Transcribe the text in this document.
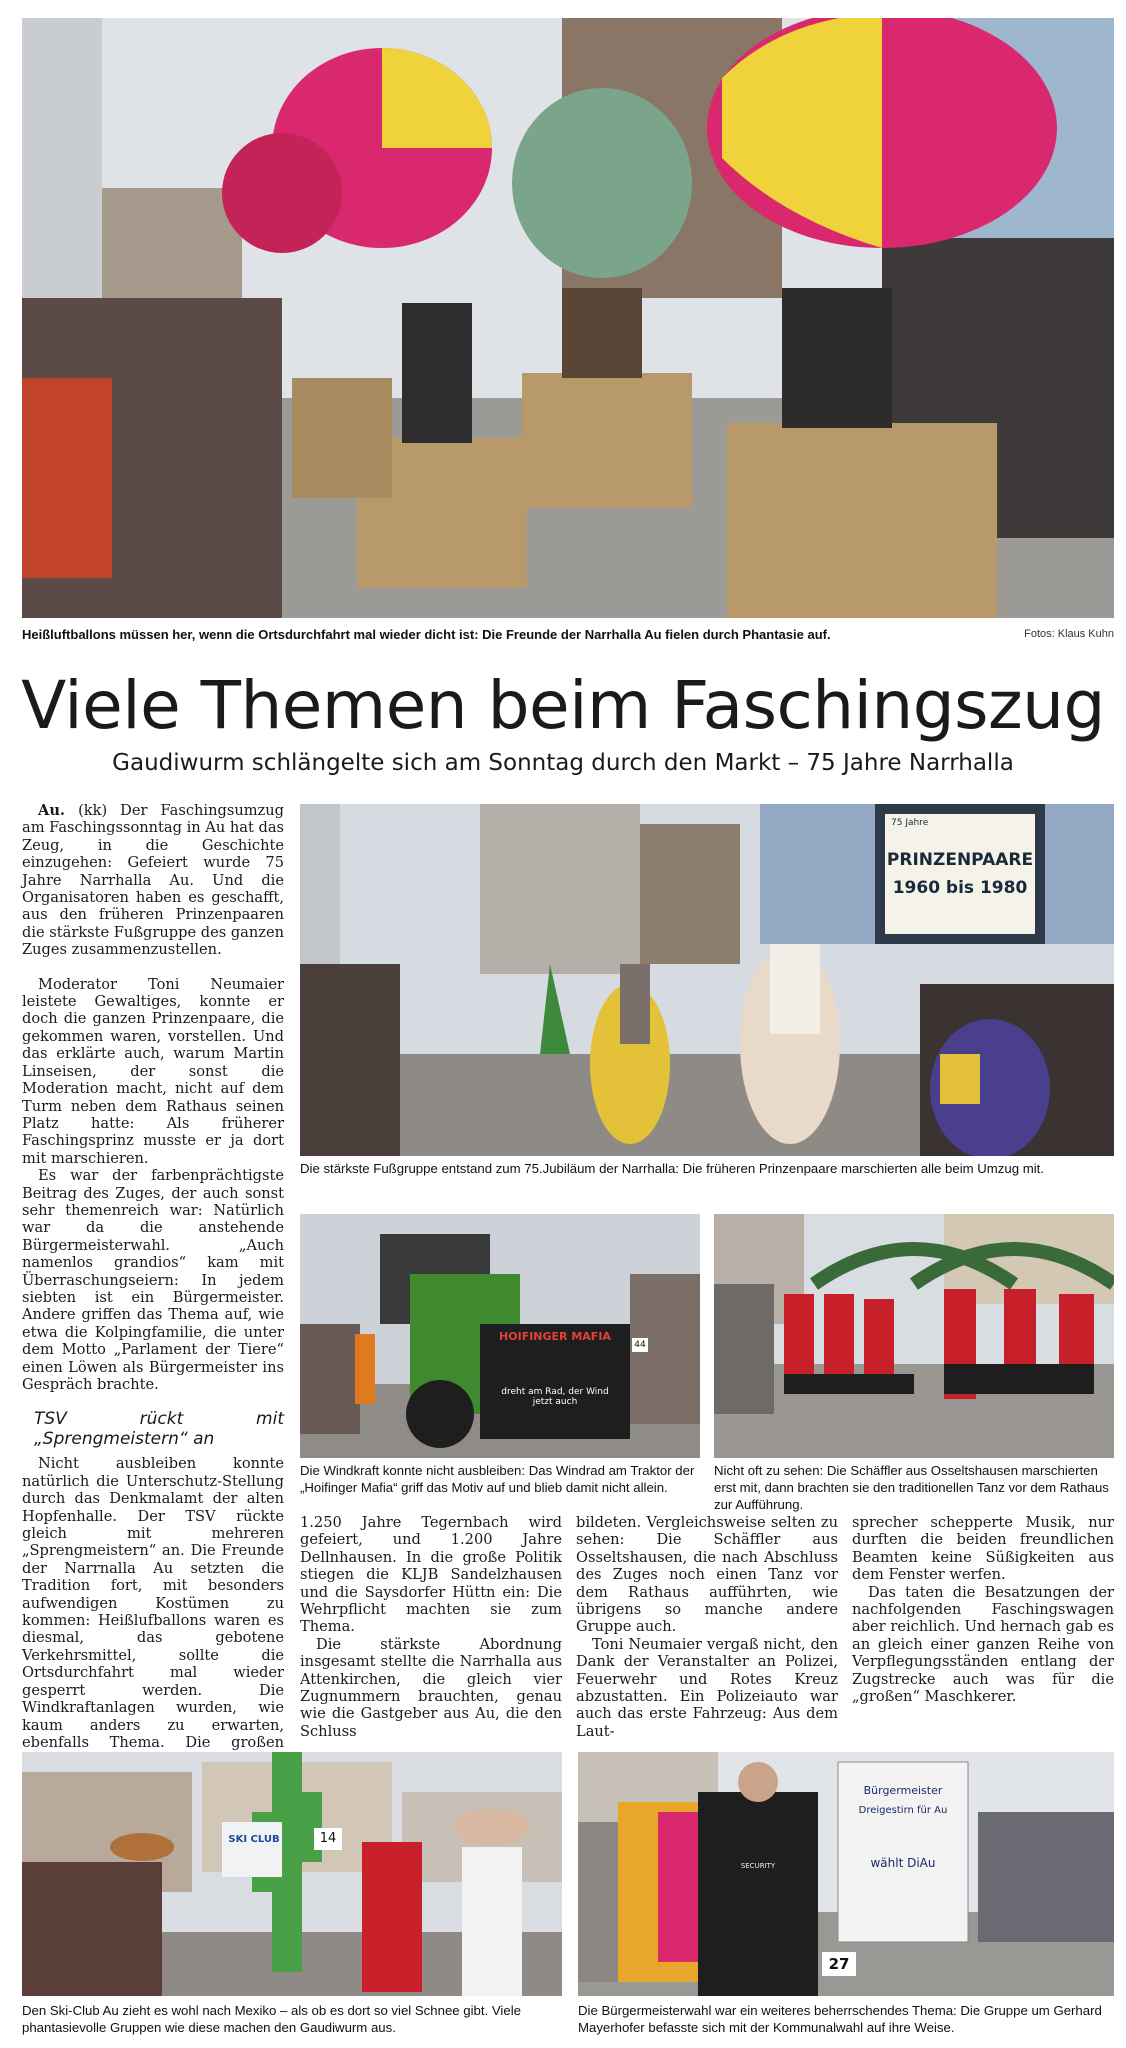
Heißluftballons müssen her, wenn die Ortsdurchfahrt mal wieder dicht ist: Die Freunde der Narrhalla Au fielen durch Phantasie auf.	Fotos: Klaus Kuhn
Viele Themen beim Faschingszug
Gaudiwurm schlängelte sich am Sonntag durch den Markt – 75 Jahre Narrhalla

Au. (kk) Der Faschingsumzug am Faschingssonntag in Au hat das Zeug, in die Geschichte einzugehen: Gefeiert wurde 75 Jahre Narrhalla Au. Und die Organisatoren haben es geschafft, aus den früheren Prinzenpaaren die stärkste Fußgruppe des ganzen Zuges zusammenzustellen.

Moderator Toni Neumaier leistete Gewaltiges, konnte er doch die ganzen Prinzenpaare, die gekommen waren, vorstellen. Und das erklärte auch, warum Martin Linseisen, der sonst die Moderation macht, nicht auf dem Turm neben dem Rathaus seinen Platz hatte: Als früherer Faschingsprinz musste er ja dort mit marschieren.

Es war der farbenprächtigste Beitrag des Zuges, der auch sonst sehr themenreich war: Natürlich war da die anstehende Bürgermeisterwahl. „Auch namenlos grandios“ kam mit Überraschungseiern: In jedem siebten ist ein Bürgermeister. Andere griffen das Thema auf, wie etwa die Kolpingfamilie, die unter dem Motto „Parlament der Tiere“ einen Löwen als Bürgermeister ins Gespräch brachte.

TSV rückt mit „Sprengmeistern“ an

Nicht ausbleiben konnte natürlich die Unterschutz-Stellung durch das Denkmalamt der alten Hopfenhalle. Der TSV rückte gleich mit mehreren „Sprengmeistern“ an. Die Freunde der Narrnalla Au setzten die Tradition fort, mit besonders aufwendigen Kostümen zu kommen: Heißlufballons waren es diesmal, das gebotene Verkehrsmittel, sollte die Ortsdurchfahrt mal wieder gesperrt werden. Die Windkraftanlagen wurden, wie kaum anders zu erwarten, ebenfalls Thema. Die großen

75 Jahre
PRINZENPAARE
1960 bis 1980
Die stärkste Fußgruppe entstand zum 75.Jubiläum der Narrhalla: Die früheren Prinzenpaare marschierten alle beim Umzug mit.
HOIFINGER MAFIA
dreht am Rad, der Wind jetzt auch
44
Die Windkraft konnte nicht ausbleiben: Das Windrad am Traktor der „Hoifinger Mafia“ griff das Motiv auf und blieb damit nicht allein.
Nicht oft zu sehen: Die Schäffler aus Osseltshausen marschierten erst mit, dann brachten sie den traditionellen Tanz vor dem Rathaus zur Aufführung.

1.250 Jahre Tegernbach wird gefeiert, und 1.200 Jahre Dellnhausen. In die große Politik stiegen die KLJB Sandelzhausen und die Saysdorfer Hüttn ein: Die Wehrpflicht machten sie zum Thema.

Die stärkste Abordnung insgesamt stellte die Narrhalla aus Attenkirchen, die gleich vier Zugnummern brauchten, genau wie die Gastgeber aus Au, die den Schluss

bildeten. Vergleichsweise selten zu sehen: Die Schäffler aus Osseltshausen, die nach Abschluss des Zuges noch einen Tanz vor dem Rathaus aufführten, wie übrigens so manche andere Gruppe auch.

Toni Neumaier vergaß nicht, den Dank der Veranstalter an Polizei, Feuerwehr und Rotes Kreuz abzustatten. Ein Polizeiauto war auch das erste Fahrzeug: Aus dem Laut-

sprecher schepperte Musik, nur durften die beiden freundlichen Beamten keine Süßigkeiten aus dem Fenster werfen.

Das taten die Besatzungen der nachfolgenden Faschingswagen aber reichlich. Und hernach gab es an gleich einer ganzen Reihe von Verpflegungsständen entlang der Zugstrecke auch was für die „großen“ Maschkerer.

SKI CLUB	14
Den Ski-Club Au zieht es wohl nach Mexiko – als ob es dort so viel Schnee gibt. Viele phantasievolle Gruppen wie diese machen den Gaudiwurm aus.
Bürgermeister
Dreigestirn für Au
wählt DiAu
SECURITY
27
Die Bürgermeisterwahl war ein weiteres beherrschendes Thema: Die Gruppe um Gerhard Mayerhofer befasste sich mit der Kommunalwahl auf ihre Weise.
